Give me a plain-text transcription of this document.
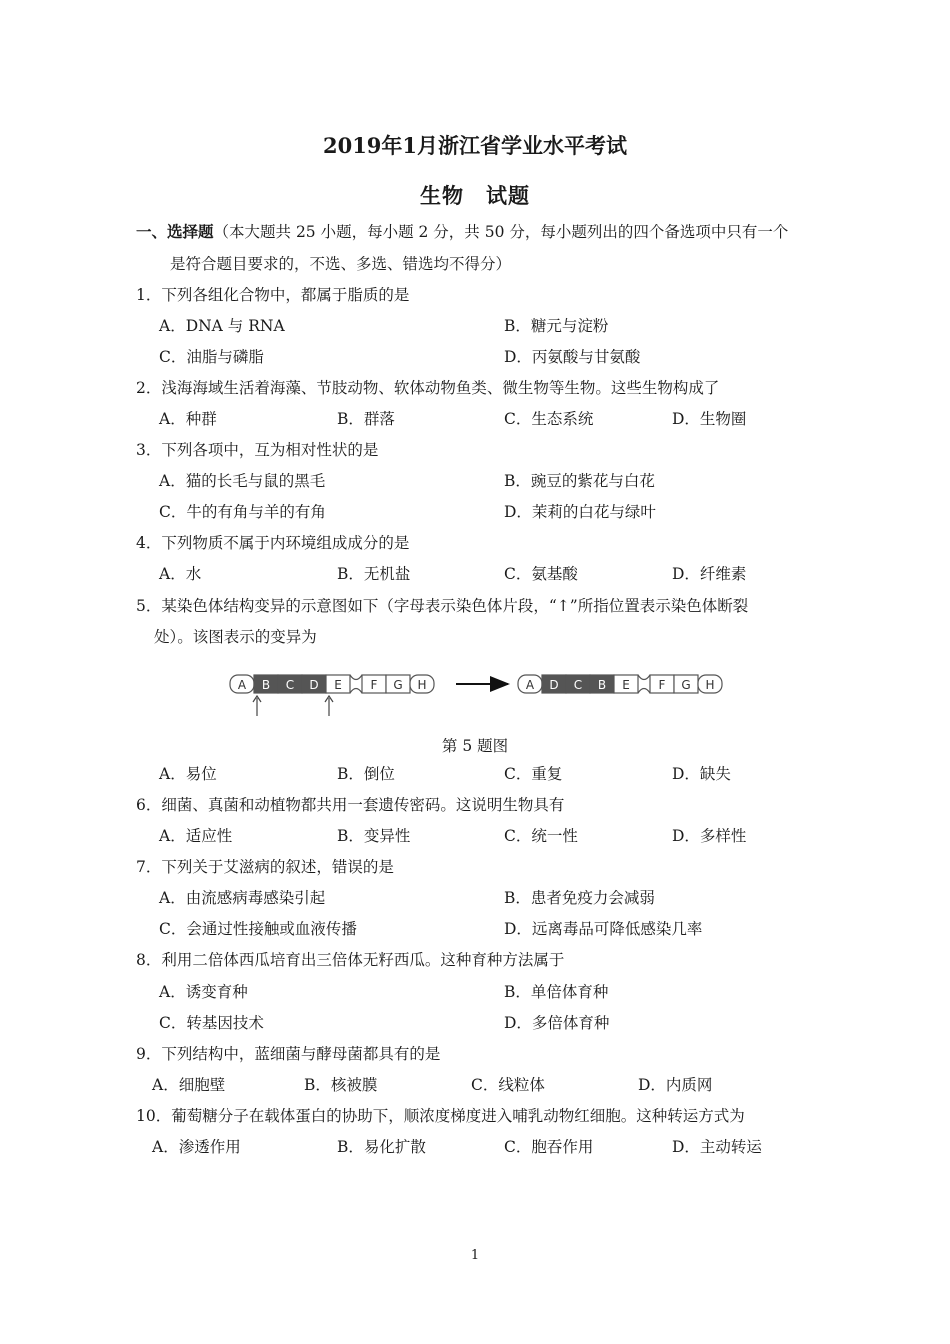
2019年1月浙江省学业水平考试
生物 试题
一、选择题（本大题共 25 小题，每小题 2 分，共 50 分，每小题列出的四个备选项中只有一个
是符合题目要求的，不选、多选、错选均不得分）
1．下列各组化合物中，都属于脂质的是
A．DNA 与 RNA	B．糖元与淀粉
C．油脂与磷脂	D．丙氨酸与甘氨酸
2．浅海海域生活着海藻、节肢动物、软体动物鱼类、微生物等生物。这些生物构成了
A．种群	B．群落	C．生态系统	D．生物圈
3．下列各项中，互为相对性状的是
A．猫的长毛与鼠的黑毛	B．豌豆的紫花与白花
C．牛的有角与羊的有角	D．茉莉的白花与绿叶
4．下列物质不属于内环境组成成分的是
A．水	B．无机盐	C．氨基酸	D．纤维素
5．某染色体结构变异的示意图如下（字母表示染色体片段，“↑”所指位置表示染色体断裂
处）。该图表示的变异为
A B C D E F G H	A D C B E F G H
第 5 题图
A．易位	B．倒位	C．重复	D．缺失
6．细菌、真菌和动植物都共用一套遗传密码。这说明生物具有
A．适应性	B．变异性	C．统一性	D．多样性
7．下列关于艾滋病的叙述，错误的是
A．由流感病毒感染引起	B．患者免疫力会减弱
C．会通过性接触或血液传播	D．远离毒品可降低感染几率
8．利用二倍体西瓜培育出三倍体无籽西瓜。这种育种方法属于
A．诱变育种	B．单倍体育种
C．转基因技术	D．多倍体育种
9．下列结构中，蓝细菌与酵母菌都具有的是
A．细胞壁	B．核被膜	C．线粒体	D．内质网
10．葡萄糖分子在载体蛋白的协助下，顺浓度梯度进入哺乳动物红细胞。这种转运方式为
A．渗透作用	B．易化扩散	C．胞吞作用	D．主动转运
1
